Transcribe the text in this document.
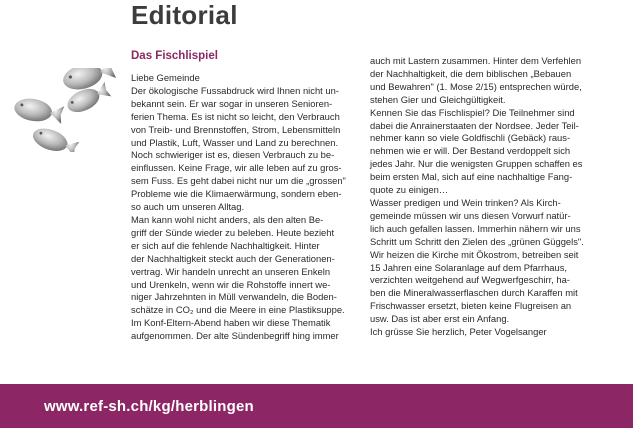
Editorial
Das Fischlispiel

Liebe Gemeinde

Der ökologische Fussabdruck wird Ihnen nicht un-

bekannt sein. Er war sogar in unseren Senioren-

ferien Thema. Es ist nicht so leicht, den Verbrauch

von Treib- und Brennstoffen, Strom, Lebensmitteln

und Plastik, Luft, Wasser und Land zu berechnen.

Noch schwieriger ist es, diesen Verbrauch zu be-

einflussen. Keine Frage, wir alle leben auf zu gros-

sem Fuss. Es geht dabei nicht nur um die „grossen"

Probleme wie die Klimaerwärmung, sondern eben-

so auch um unseren Alltag.

Man kann wohl nicht anders, als den alten Be-

griff der Sünde wieder zu beleben. Heute bezieht

er sich auf die fehlende Nachhaltigkeit. Hinter

der Nachhaltigkeit steckt auch der Generationen-

vertrag. Wir handeln unrecht an unseren Enkeln

und Urenkeln, wenn wir die Rohstoffe innert we-

niger Jahrzehnten in Müll verwandeln, die Boden-

schätze in CO₂ und die Meere in eine Plastiksuppe.

Im Konf-Eltern-Abend haben wir diese Thematik

aufgenommen. Der alte Sündenbegriff hing immer

auch mit Lastern zusammen. Hinter dem Verfehlen

der Nachhaltigkeit, die dem biblischen „Bebauen

und Bewahren" (1. Mose 2/15) entsprechen würde,

stehen Gier und Gleichgültigkeit.

Kennen Sie das Fischlispiel? Die Teilnehmer sind

dabei die Anrainerstaaten der Nordsee. Jeder Teil-

nehmer kann so viele Goldfischli (Gebäck) raus-

nehmen wie er will. Der Bestand verdoppelt sich

jedes Jahr. Nur die wenigsten Gruppen schaffen es

beim ersten Mal, sich auf eine nachhaltige Fang-

quote zu einigen…

Wasser predigen und Wein trinken? Als Kirch-

gemeinde müssen wir uns diesen Vorwurf natür-

lich auch gefallen lassen. Immerhin nähern wir uns

Schritt um Schritt den Zielen des „grünen Güggels".

Wir heizen die Kirche mit Ökostrom, betreiben seit

15 Jahren eine Solaranlage auf dem Pfarrhaus,

verzichten weitgehend auf Wegwerfgeschirr, ha-

ben die Mineralwasserflaschen durch Karaffen mit

Frischwasser ersetzt, bieten keine Flugreisen an

usw. Das ist aber erst ein Anfang.

Ich grüsse Sie herzlich, Peter Vogelsanger

www.ref-sh.ch/kg/herblingen
